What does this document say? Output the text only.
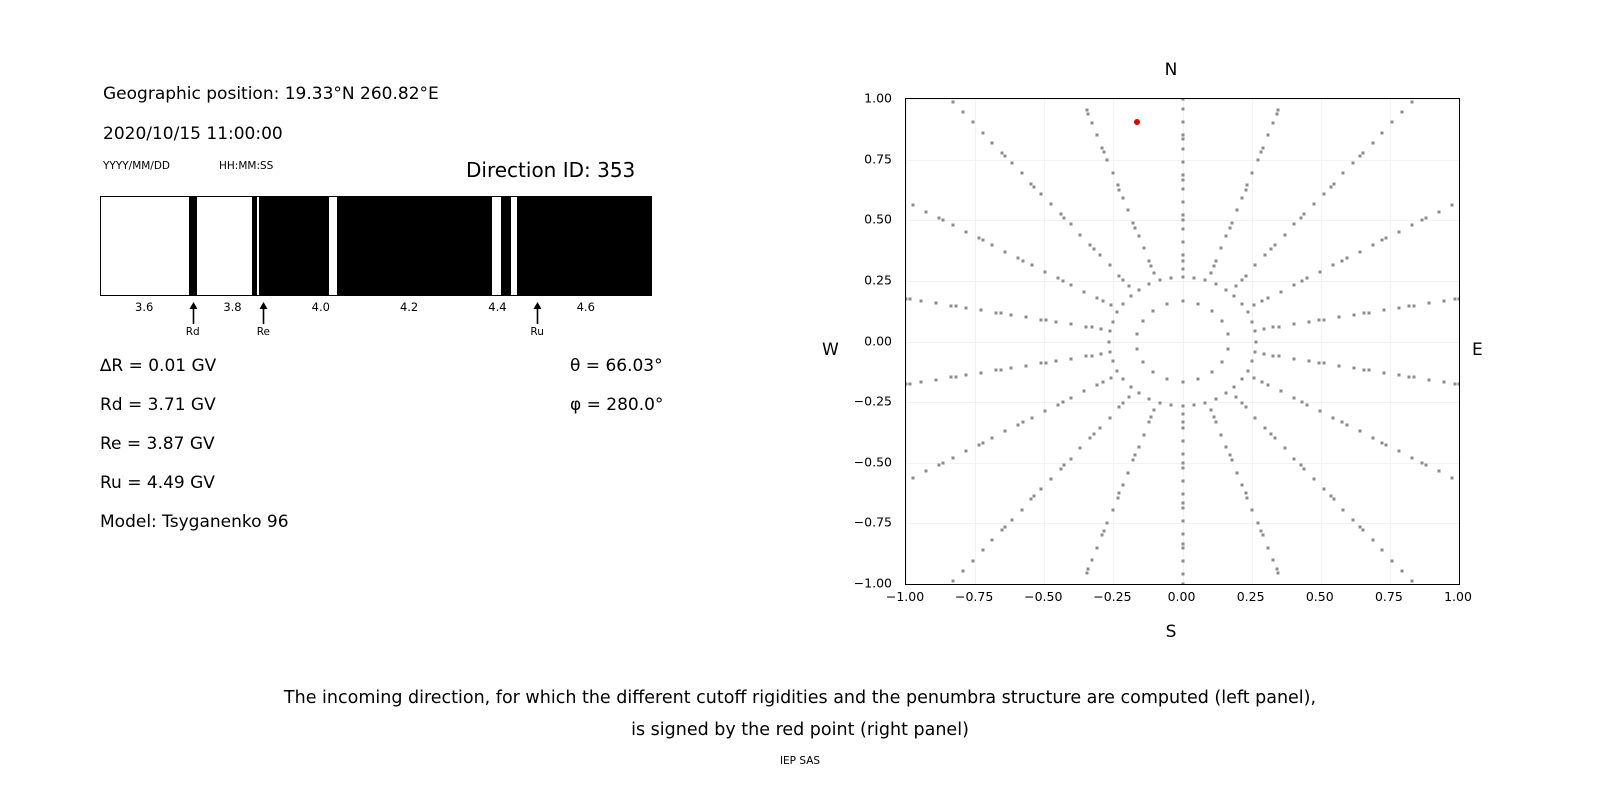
Geographic position: 19.33°N 260.82°E
2020/10/15 11:00:00
YYYY/MM/DD	HH:MM:SS	Direction ID: 353
3.6	3.8	4.0	4.2	4.4	4.6
Rd	Re	Ru
∆R = 0.01 GV
Rd = 3.71 GV
Re = 3.87 GV
Ru = 4.49 GV
Model: Tsyganenko 96
θ = 66.03°
φ = 280.0°
N
S
W	E
−1.00
−0.75
−0.50
−0.25
0.00
0.25
0.50
0.75
1.00
−1.00 −0.75 −0.50 −0.25	0.00	0.25	0.50	0.75	1.00
The incoming direction, for which the different cutoff rigidities and the penumbra structure are computed (left panel),
is signed by the red point (right panel)
IEP SAS
